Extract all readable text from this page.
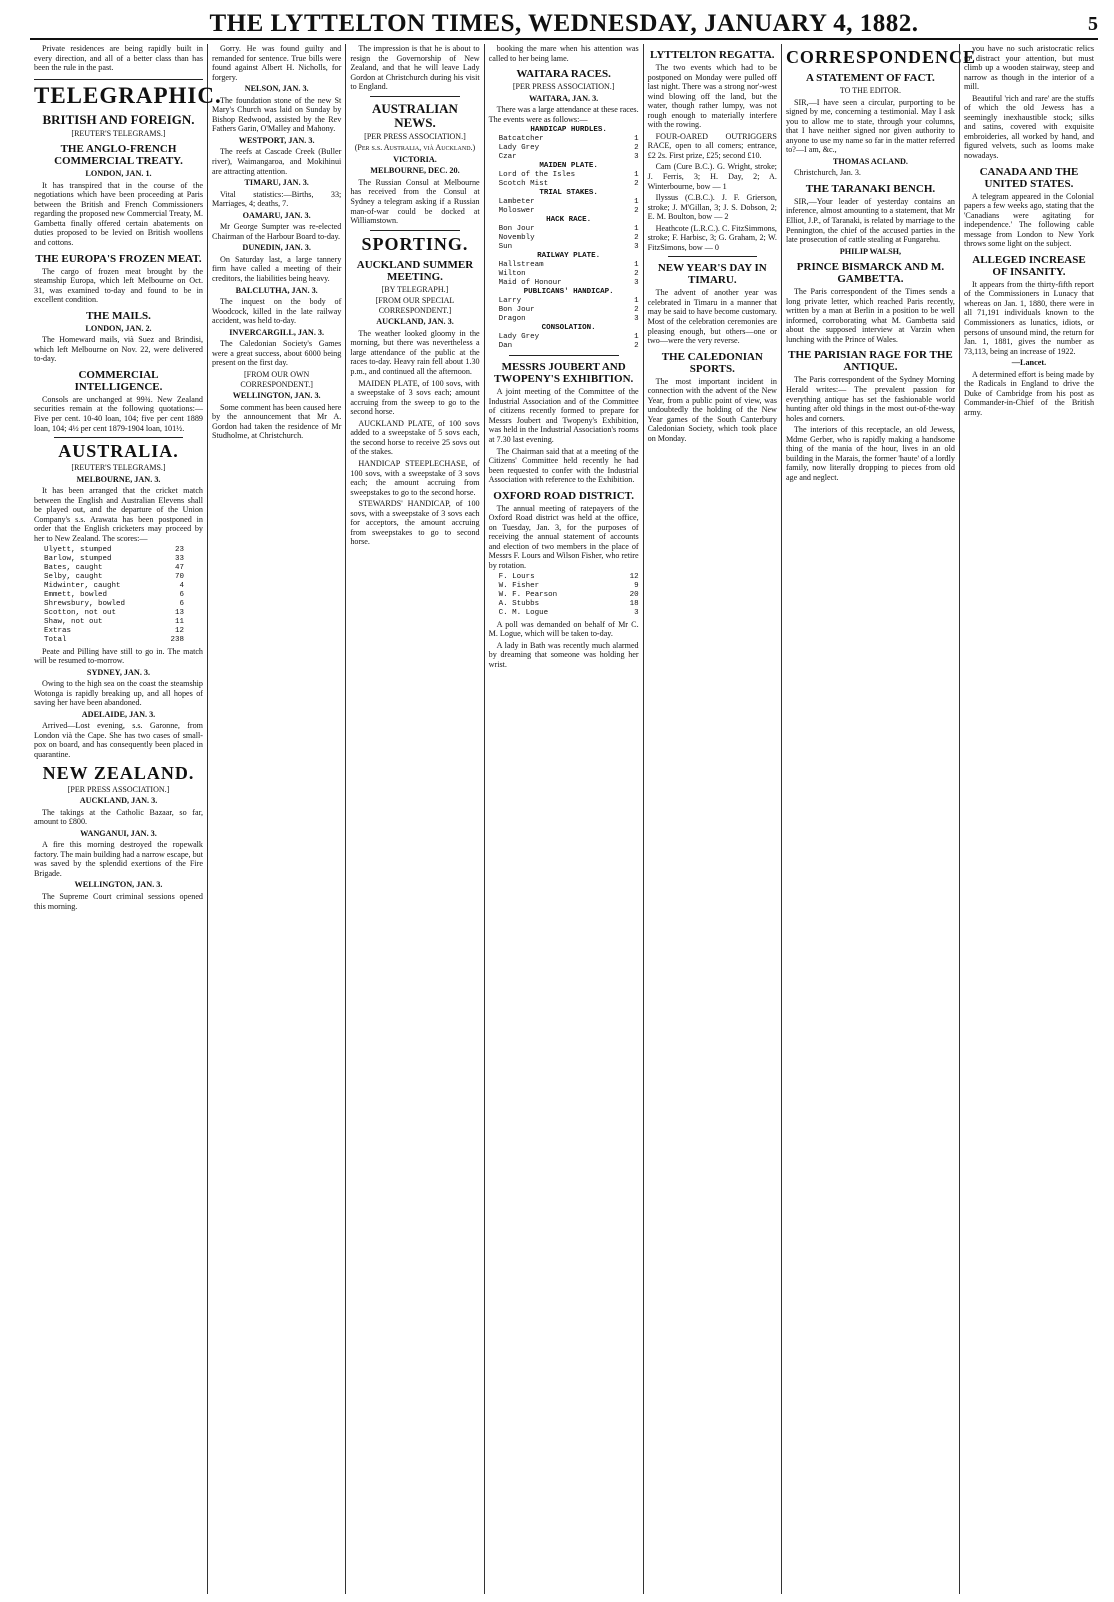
THE LYTTELTON TIMES, WEDNESDAY, JANUARY 4, 1882.	5

Private residences are being rapidly built in every direction, and all of a better class than has been the rule in the past.

TELEGRAPHIC.
BRITISH AND FOREIGN.
[REUTER'S TELEGRAMS.]
THE ANGLO-FRENCH COMMERCIAL TREATY.
LONDON, JAN. 1.

It has transpired that in the course of the negotiations which have been proceeding at Paris between the British and French Commissioners regarding the proposed new Commercial Treaty, M. Gambetta finally offered certain abatements on duties proposed to be levied on British woollens and cottons.

THE EUROPA'S FROZEN MEAT.

The cargo of frozen meat brought by the steamship Europa, which left Melbourne on Oct. 31, was examined to-day and found to be in excellent condition.

THE MAILS.
LONDON, JAN. 2.

The Homeward mails, vià Suez and Brindisi, which left Melbourne on Nov. 22, were delivered to-day.

COMMERCIAL INTELLIGENCE.

Consols are unchanged at 99¾. New Zealand securities remain at the following quotations:—Five per cent. 10-40 loan, 104; five per cent 1889 loan, 104; 4½ per cent 1879-1904 loan, 101½.

AUSTRALIA.
[REUTER'S TELEGRAMS.]
MELBOURNE, JAN. 3.

It has been arranged that the cricket match between the English and Australian Elevens shall be played out, and the departure of the Union Company's s.s. Arawata has been postponed in order that the English cricketers may proceed by her to New Zealand. The scores:—

Ulyett, stumped	23
Barlow, stumped	33
Bates, caught	47
Selby, caught	70
Midwinter, caught	4
Emmett, bowled	6
Shrewsbury, bowled	6
Scotton, not out	13
Shaw, not out	11
Extras	12
Total	238

Peate and Pilling have still to go in. The match will be resumed to-morrow.

SYDNEY, JAN. 3.

Owing to the high sea on the coast the steamship Wotonga is rapidly breaking up, and all hopes of saving her have been abandoned.

ADELAIDE, JAN. 3.

Arrived—Lost evening, s.s. Garonne, from London vià the Cape. She has two cases of small-pox on board, and has consequently been placed in quarantine.

NEW ZEALAND.
[PER PRESS ASSOCIATION.]
AUCKLAND, JAN. 3.

The takings at the Catholic Bazaar, so far, amount to £800.

WANGANUI, JAN. 3.

A fire this morning destroyed the ropewalk factory. The main building had a narrow escape, but was saved by the splendid exertions of the Fire Brigade.

WELLINGTON, JAN. 3.

The Supreme Court criminal sessions opened this morning.

Gorry. He was found guilty and remanded for sentence. True bills were found against Albert H. Nicholls, for forgery.

NELSON, JAN. 3.

The foundation stone of the new St Mary's Church was laid on Sunday by Bishop Redwood, assisted by the Rev Fathers Garin, O'Malley and Mahony.

WESTPORT, JAN. 3.

The reefs at Cascade Creek (Buller river), Waimangaroa, and Mokihinui are attracting attention.

TIMARU, JAN. 3.

Vital statistics:—Births, 33; Marriages, 4; deaths, 7.

OAMARU, JAN. 3.

Mr George Sumpter was re-elected Chairman of the Harbour Board to-day.

DUNEDIN, JAN. 3.

On Saturday last, a large tannery firm have called a meeting of their creditors, the liabilities being heavy.

BALCLUTHA, JAN. 3.

The inquest on the body of Woodcock, killed in the late railway accident, was held to-day.

INVERCARGILL, JAN. 3.

The Caledonian Society's Games were a great success, about 6000 being present on the first day.

[FROM OUR OWN CORRESPONDENT.]
WELLINGTON, JAN. 3.

Some comment has been caused here by the announcement that Mr A. Gordon had taken the residence of Mr Studholme, at Christchurch.

The impression is that he is about to resign the Governorship of New Zealand, and that he will leave Lady Gordon at Christchurch during his visit to England.

AUSTRALIAN NEWS.
[PER PRESS ASSOCIATION.]
(Per s.s. Australia, vià Auckland.)
VICTORIA.
MELBOURNE, DEC. 20.

The Russian Consul at Melbourne has received from the Consul at Sydney a telegram asking if a Russian man-of-war could be docked at Williamstown.

SPORTING.
AUCKLAND SUMMER MEETING.
[BY TELEGRAPH.]
[FROM OUR SPECIAL CORRESPONDENT.]
AUCKLAND, JAN. 3.

The weather looked gloomy in the morning, but there was nevertheless a large attendance of the public at the races to-day. Heavy rain fell about 1.30 p.m., and continued all the afternoon.

MAIDEN PLATE, of 100 sovs, with a sweepstake of 3 sovs each; amount accruing from the sweep to go to the second horse.

AUCKLAND PLATE, of 100 sovs added to a sweepstake of 5 sovs each, the second horse to receive 25 sovs out of the stakes.

HANDICAP STEEPLECHASE, of 100 sovs, with a sweepstake of 3 sovs each; the amount accruing from sweepstakes to go to the second horse.

STEWARDS' HANDICAP, of 100 sovs, with a sweepstake of 3 sovs each for acceptors, the amount accruing from sweepstakes to go to second horse.

booking the mare when his attention was called to her being lame.

WAITARA RACES.
[PER PRESS ASSOCIATION.]
WAITARA, JAN. 3.

There was a large attendance at these races. The events were as follows:—

HANDICAP HURDLES.
Batcatcher	1
Lady Grey	2
Czar	3
MAIDEN PLATE.
Lord of the Isles	1
Scotch Mist	2
TRIAL STAKES.
Lambeter	1
Moloswer	2
HACK RACE.
Bon Jour	1
Novembly	2
Sun	3
RAILWAY PLATE.
Hallstream	1
Wilton	2
Maid of Honour	3
PUBLICANS' HANDICAP.
Larry	1
Bon Jour	2
Dragon	3
CONSOLATION.
Lady Grey	1
Dan	2
MESSRS JOUBERT AND TWOPENY'S EXHIBITION.

A joint meeting of the Committee of the Industrial Association and of the Committee of citizens recently formed to prepare for Messrs Joubert and Twopeny's Exhibition, was held in the Industrial Association's rooms at 7.30 last evening.

The Chairman said that at a meeting of the Citizens' Committee held recently he had been requested to confer with the Industrial Association with reference to the Exhibition.

OXFORD ROAD DISTRICT.

The annual meeting of ratepayers of the Oxford Road district was held at the office, on Tuesday, Jan. 3, for the purposes of receiving the annual statement of accounts and election of two members in the place of Messrs F. Lours and Wilson Fisher, who retire by rotation.

F. Lours	12
W. Fisher	9
W. F. Pearson	20
A. Stubbs	18
C. M. Logue	3

A poll was demanded on behalf of Mr C. M. Logue, which will be taken to-day.

A lady in Bath was recently much alarmed by dreaming that someone was holding her wrist.

LYTTELTON REGATTA.

The two events which had to be postponed on Monday were pulled off last night. There was a strong nor'-west wind blowing off the land, but the water, though rather lumpy, was not rough enough to materially interfere with the rowing.

FOUR-OARED OUTRIGGERS RACE, open to all comers; entrance, £2 2s. First prize, £25; second £10.

Cam (Cure B.C.). G. Wright, stroke; J. Ferris, 3; H. Day, 2; A. Winterbourne, bow — 1

Ilyssus (C.B.C.). J. F. Grierson, stroke; J. M'Gillan, 3; J. S. Dobson, 2; E. M. Boulton, bow — 2

Heathcote (L.R.C.). C. FitzSimmons, stroke; F. Harbisc, 3; G. Graham, 2; W. FitzSimons, bow — 0

NEW YEAR'S DAY IN TIMARU.

The advent of another year was celebrated in Timaru in a manner that may be said to have become customary. Most of the celebration ceremonies are pleasing enough, but others—one or two—were the very reverse.

THE CALEDONIAN SPORTS.

The most important incident in connection with the advent of the New Year, from a public point of view, was undoubtedly the holding of the New Year games of the South Canterbury Caledonian Society, which took place on Monday.

CORRESPONDENCE
A STATEMENT OF FACT.
TO THE EDITOR.

SIR,—I have seen a circular, purporting to be signed by me, concerning a testimonial. May I ask you to allow me to state, through your columns, that I have neither signed nor given authority to anyone to use my name so far in the matter referred to?—I am, &c.,

THOMAS ACLAND.

Christchurch, Jan. 3.

THE TARANAKI BENCH.

SIR,—Your leader of yesterday contains an inference, almost amounting to a statement, that Mr Elliot, J.P., of Taranaki, is related by marriage to the Pennington, the chief of the accused parties in the late prosecution of cattle stealing at Fungarehu.

PHILIP WALSH,
PRINCE BISMARCK AND M. GAMBETTA.

The Paris correspondent of the Times sends a long private letter, which reached Paris recently, written by a man at Berlin in a position to be well informed, corroborating what M. Gambetta said about the supposed interview at Varzin when lunching with the Prince of Wales.

THE PARISIAN RAGE FOR THE ANTIQUE.

The Paris correspondent of the Sydney Morning Herald writes:— The prevalent passion for everything antique has set the fashionable world hunting after old things in the most out-of-the-way holes and corners.

The interiors of this receptacle, an old Jewess, Mdme Gerber, who is rapidly making a handsome thing of the mania of the hour, lives in an old building in the Marais, the former 'haute' of a lordly family, now literally dropping to pieces from old age and neglect.

you have no such aristocratic relics to distract your attention, but must climb up a wooden stairway, steep and narrow as though in the interior of a mill.

Beautiful 'rich and rare' are the stuffs of which the old Jewess has a seemingly inexhaustible stock; silks and satins, covered with exquisite embroideries, all worked by hand, and figured velvets, such as looms make nowadays.

CANADA AND THE UNITED STATES.

A telegram appeared in the Colonial papers a few weeks ago, stating that the 'Canadians were agitating for independence.' The following cable message from London to New York throws some light on the subject.

ALLEGED INCREASE OF INSANITY.

It appears from the thirty-fifth report of the Commissioners in Lunacy that whereas on Jan. 1, 1880, there were in all 71,191 individuals known to the Commissioners as lunatics, idiots, or persons of unsound mind, the return for Jan. 1, 1881, gives the number as 73,113, being an increase of 1922.

—Lancet.

A determined effort is being made by the Radicals in England to drive the Duke of Cambridge from his post as Commander-in-Chief of the British army.
